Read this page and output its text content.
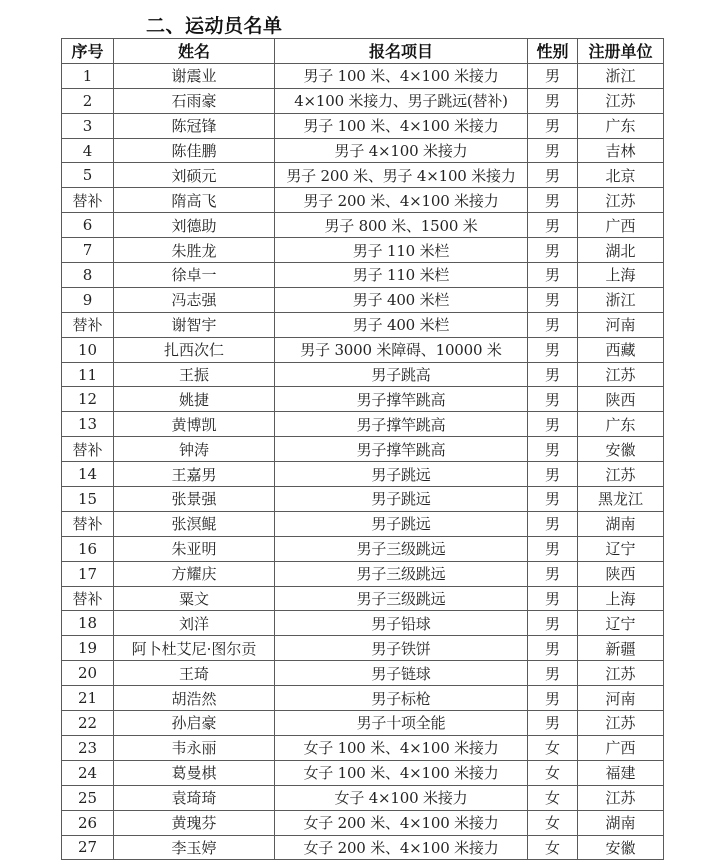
二、运动员名单
序号	姓名	报名项目	性别	注册单位
1	谢震业	男子 100 米、4×100 米接力	男	浙江
2	石雨豪	4×100 米接力、男子跳远(替补)	男	江苏
3	陈冠锋	男子 100 米、4×100 米接力	男	广东
4	陈佳鹏	男子 4×100 米接力	男	吉林
5	刘硕元	男子 200 米、男子 4×100 米接力	男	北京
替补	隋高飞	男子 200 米、4×100 米接力	男	江苏
6	刘德助	男子 800 米、1500 米	男	广西
7	朱胜龙	男子 110 米栏	男	湖北
8	徐卓一	男子 110 米栏	男	上海
9	冯志强	男子 400 米栏	男	浙江
替补	谢智宇	男子 400 米栏	男	河南
10	扎西次仁	男子 3000 米障碍、10000 米	男	西藏
11	王振	男子跳高	男	江苏
12	姚捷	男子撑竿跳高	男	陕西
13	黄博凯	男子撑竿跳高	男	广东
替补	钟涛	男子撑竿跳高	男	安徽
14	王嘉男	男子跳远	男	江苏
15	张景强	男子跳远	男	黑龙江
替补	张溟鲲	男子跳远	男	湖南
16	朱亚明	男子三级跳远	男	辽宁
17	方耀庆	男子三级跳远	男	陕西
替补	粟文	男子三级跳远	男	上海
18	刘洋	男子铅球	男	辽宁
19	阿卜杜艾尼·图尔贡	男子铁饼	男	新疆
20	王琦	男子链球	男	江苏
21	胡浩然	男子标枪	男	河南
22	孙启豪	男子十项全能	男	江苏
23	韦永丽	女子 100 米、4×100 米接力	女	广西
24	葛曼棋	女子 100 米、4×100 米接力	女	福建
25	袁琦琦	女子 4×100 米接力	女	江苏
26	黄瑰芬	女子 200 米、4×100 米接力	女	湖南
27	李玉婷	女子 200 米、4×100 米接力	女	安徽
